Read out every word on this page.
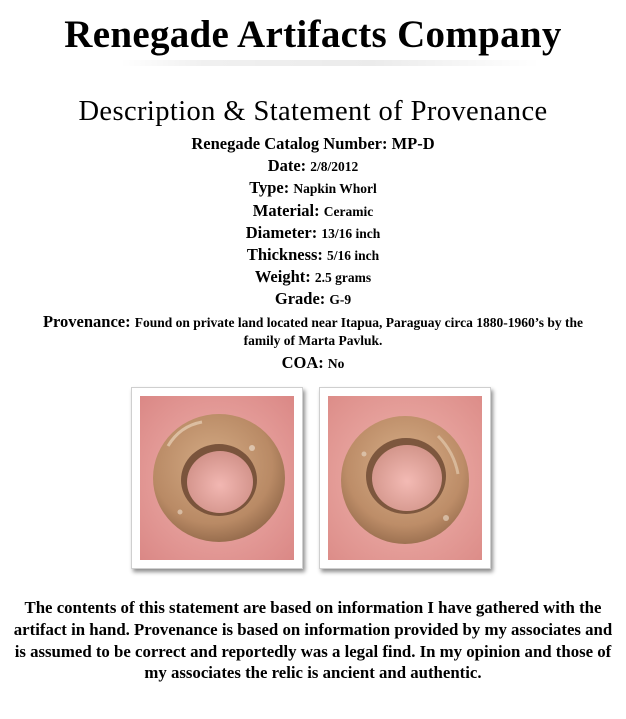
Renegade Artifacts Company
Description & Statement of Provenance

Renegade Catalog Number: MP-D

Date: 2/8/2012

Type: Napkin Whorl

Material: Ceramic

Diameter: 13/16 inch

Thickness: 5/16 inch

Weight: 2.5 grams

Grade: G-9

Provenance: Found on private land located near Itapua, Paraguay circa 1880-1960’s by the family of Marta Pavluk.

COA: No

The contents of this statement are based on information I have gathered with the artifact in hand. Provenance is based on information provided by my associates and is assumed to be correct and reportedly was a legal find. In my opinion and those of my associates the relic is ancient and authentic.
